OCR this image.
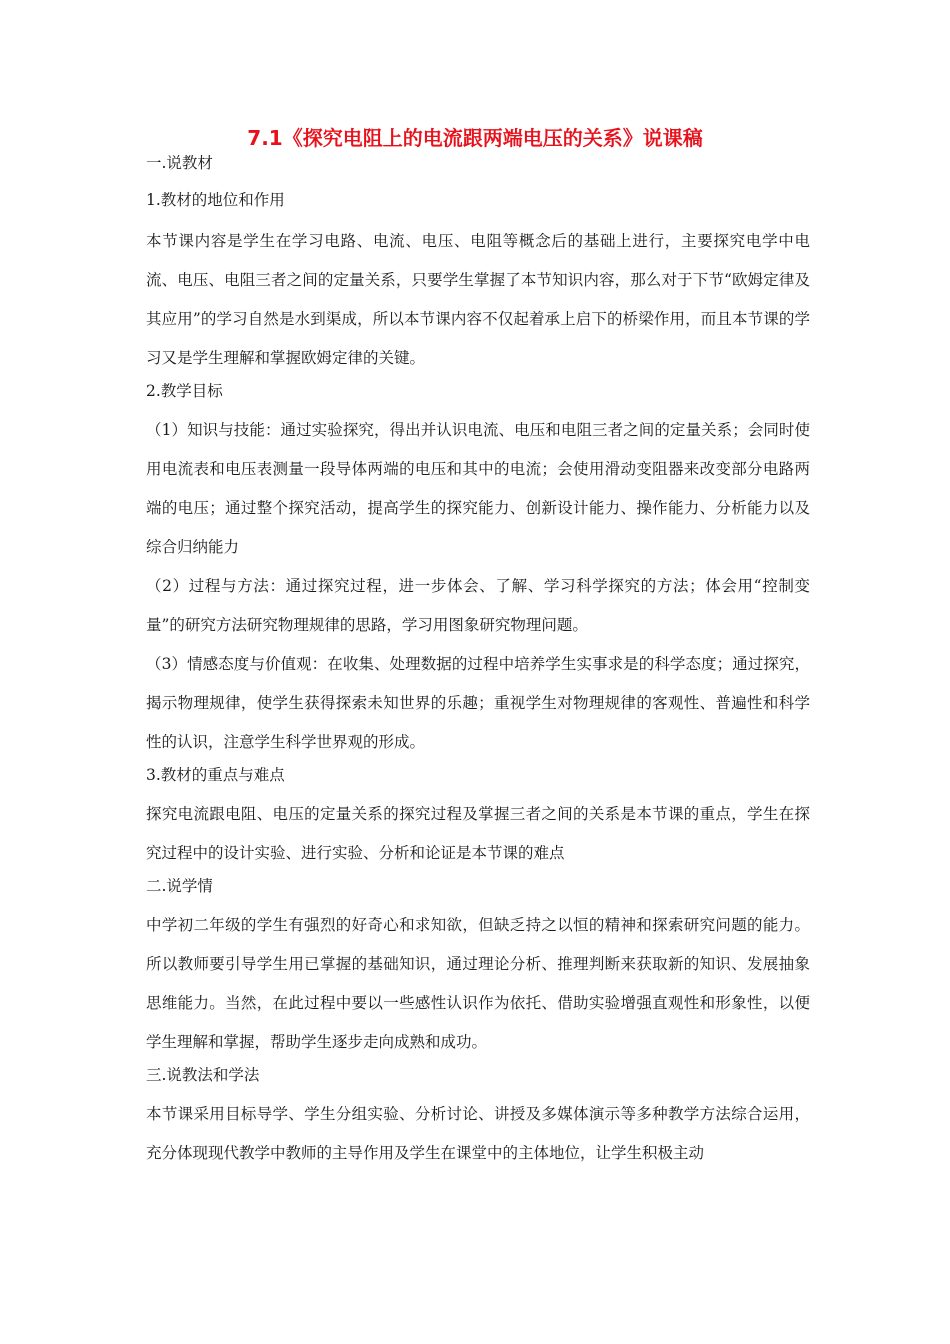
7.1《探究电阻上的电流跟两端电压的关系》说课稿
一.说教材
1.教材的地位和作用
本节课内容是学生在学习电路、电流、电压、电阻等概念后的基础上进行，主要探究电学中电流、电压、电阻三者之间的定量关系，只要学生掌握了本节知识内容，那么对于下节“欧姆定律及其应用”的学习自然是水到渠成，所以本节课内容不仅起着承上启下的桥梁作用，而且本节课的学习又是学生理解和掌握欧姆定律的关键。
2.教学目标
（1）知识与技能：通过实验探究，得出并认识电流、电压和电阻三者之间的定量关系；会同时使用电流表和电压表测量一段导体两端的电压和其中的电流；会使用滑动变阻器来改变部分电路两端的电压；通过整个探究活动，提高学生的探究能力、创新设计能力、操作能力、分析能力以及综合归纳能力
（2）过程与方法：通过探究过程，进一步体会、了解、学习科学探究的方法；体会用“控制变量”的研究方法研究物理规律的思路，学习用图象研究物理问题。
（3）情感态度与价值观：在收集、处理数据的过程中培养学生实事求是的科学态度；通过探究，揭示物理规律，使学生获得探索未知世界的乐趣；重视学生对物理规律的客观性、普遍性和科学性的认识，注意学生科学世界观的形成。
3.教材的重点与难点
探究电流跟电阻、电压的定量关系的探究过程及掌握三者之间的关系是本节课的重点，学生在探究过程中的设计实验、进行实验、分析和论证是本节课的难点
二.说学情
中学初二年级的学生有强烈的好奇心和求知欲，但缺乏持之以恒的精神和探索研究问题的能力。所以教师要引导学生用已掌握的基础知识，通过理论分析、推理判断来获取新的知识、发展抽象思维能力。当然，在此过程中要以一些感性认识作为依托、借助实验增强直观性和形象性，以便学生理解和掌握，帮助学生逐步走向成熟和成功。
三.说教法和学法
本节课采用目标导学、学生分组实验、分析讨论、讲授及多媒体演示等多种教学方法综合运用，充分体现现代教学中教师的主导作用及学生在课堂中的主体地位，让学生积极主动
